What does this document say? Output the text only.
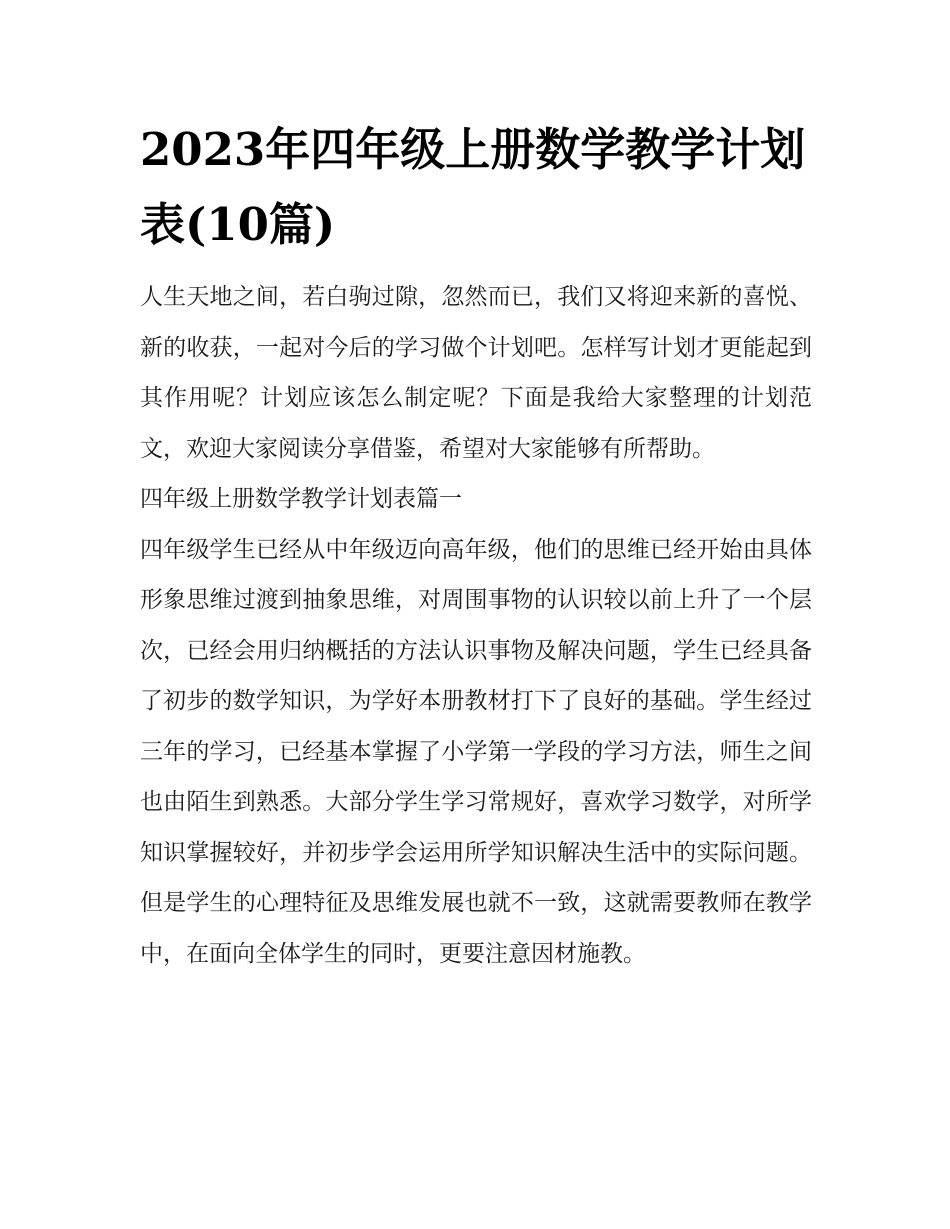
2023年四年级上册数学教学计划表(10篇)

人生天地之间，若白驹过隙，忽然而已，我们又将迎来新的喜悦、新的收获，一起对今后的学习做个计划吧。怎样写计划才更能起到其作用呢？计划应该怎么制定呢？下面是我给大家整理的计划范文，欢迎大家阅读分享借鉴，希望对大家能够有所帮助。

四年级上册数学教学计划表篇一

四年级学生已经从中年级迈向高年级，他们的思维已经开始由具体形象思维过渡到抽象思维，对周围事物的认识较以前上升了一个层次，已经会用归纳概括的方法认识事物及解决问题，学生已经具备了初步的数学知识，为学好本册教材打下了良好的基础。学生经过三年的学习，已经基本掌握了小学第一学段的学习方法，师生之间也由陌生到熟悉。大部分学生学习常规好，喜欢学习数学，对所学知识掌握较好，并初步学会运用所学知识解决生活中的实际问题。但是学生的心理特征及思维发展也就不一致，这就需要教师在教学中，在面向全体学生的同时，更要注意因材施教。
